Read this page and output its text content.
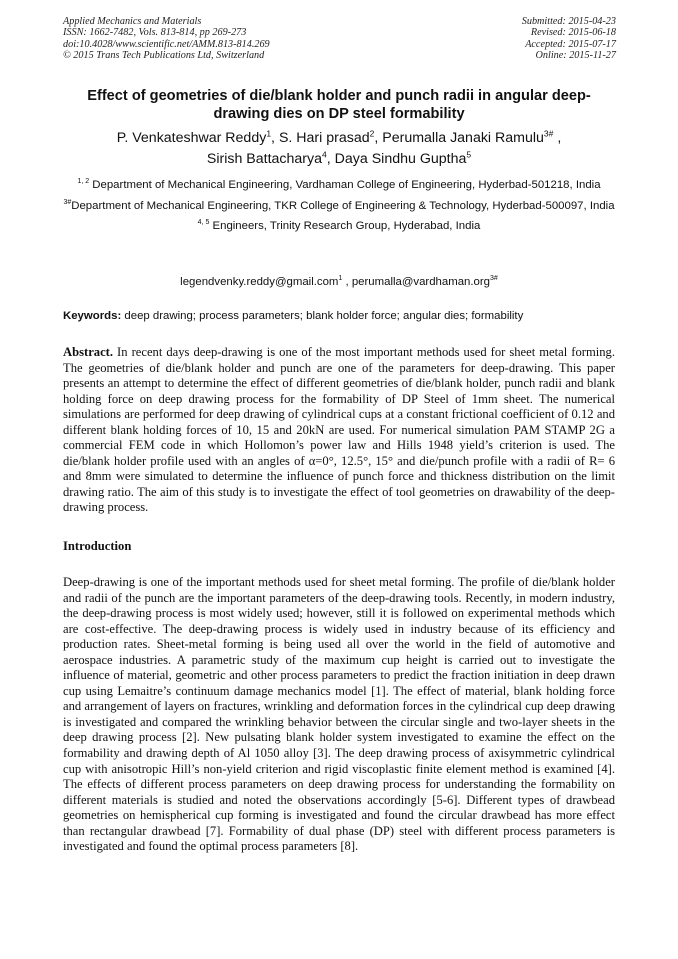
Applied Mechanics and Materials
ISSN: 1662-7482, Vols. 813-814, pp 269-273
doi:10.4028/www.scientific.net/AMM.813-814.269
© 2015 Trans Tech Publications Ltd, Switzerland
Submitted: 2015-04-23
Revised: 2015-06-18
Accepted: 2015-07-17
Online: 2015-11-27
Effect of geometries of die/blank holder and punch radii in angular deep-drawing dies on DP steel formability
P. Venkateshwar Reddy$^1$, S. Hari prasad$^2$, Perumalla Janaki Ramulu$^{3\#}$ ,
Sirish Battacharya$^4$, Daya Sindhu Guptha$^5$
$^{1, 2}$ Department of Mechanical Engineering, Vardhaman College of Engineering, Hyderbad-501218, India
$^{3\#}$Department of Mechanical Engineering, TKR College of Engineering & Technology, Hyderbad-500097, India
$^{4, 5}$ Engineers, Trinity Research Group, Hyderabad, India
legendvenky.reddy@gmail.com$^1$ , perumalla@vardhaman.org$^{3\#}$
Keywords: deep drawing; process parameters; blank holder force; angular dies; formability

Abstract. In recent days deep-drawing is one of the most important methods used for sheet metal forming. The geometries of die/blank holder and punch are one of the parameters for deep-drawing. This paper presents an attempt to determine the effect of different geometries of die/blank holder, punch radii and blank holding force on deep drawing process for the formability of DP Steel of 1mm sheet. The numerical simulations are performed for deep drawing of cylindrical cups at a constant frictional coefficient of 0.12 and different blank holding forces of 10, 15 and 20kN are used. For numerical simulation PAM STAMP 2G a commercial FEM code in which Hollomon’s power law and Hills 1948 yield’s criterion is used. The die/blank holder profile used with an angles of α=0°, 12.5°, 15° and die/punch profile with a radii of R= 6 and 8mm were simulated to determine the influence of punch force and thickness distribution on the limit drawing ratio. The aim of this study is to investigate the effect of tool geometries on drawability of the deep-drawing process.

Introduction

Deep-drawing is one of the important methods used for sheet metal forming. The profile of die/blank holder and radii of the punch are the important parameters of the deep-drawing tools. Recently, in modern industry, the deep-drawing process is most widely used; however, still it is followed on experimental methods which are cost-effective. The deep-drawing process is widely used in industry because of its efficiency and production rates. Sheet-metal forming is being used all over the world in the field of automotive and aerospace industries. A parametric study of the maximum cup height is carried out to investigate the influence of material, geometric and other process parameters to predict the fraction initiation in deep drawn cup using Lemaitre’s continuum damage mechanics model [1]. The effect of material, blank holding force and arrangement of layers on fractures, wrinkling and deformation forces in the cylindrical cup deep drawing is investigated and compared the wrinkling behavior between the circular single and two-layer sheets in the deep drawing process [2]. New pulsating blank holder system investigated to examine the effect on the formability and drawing depth of Al 1050 alloy [3]. The deep drawing process of axisymmetric cylindrical cup with anisotropic Hill’s non-yield criterion and rigid viscoplastic finite element method is examined [4]. The effects of different process parameters on deep drawing process for understanding the formability on different materials is studied and noted the observations accordingly [5-6]. Different types of drawbead geometries on hemispherical cup forming is investigated and found the circular drawbead has more effect than rectangular drawbead [7]. Formability of dual phase (DP) steel with different process parameters is investigated and found the optimal process parameters [8].
